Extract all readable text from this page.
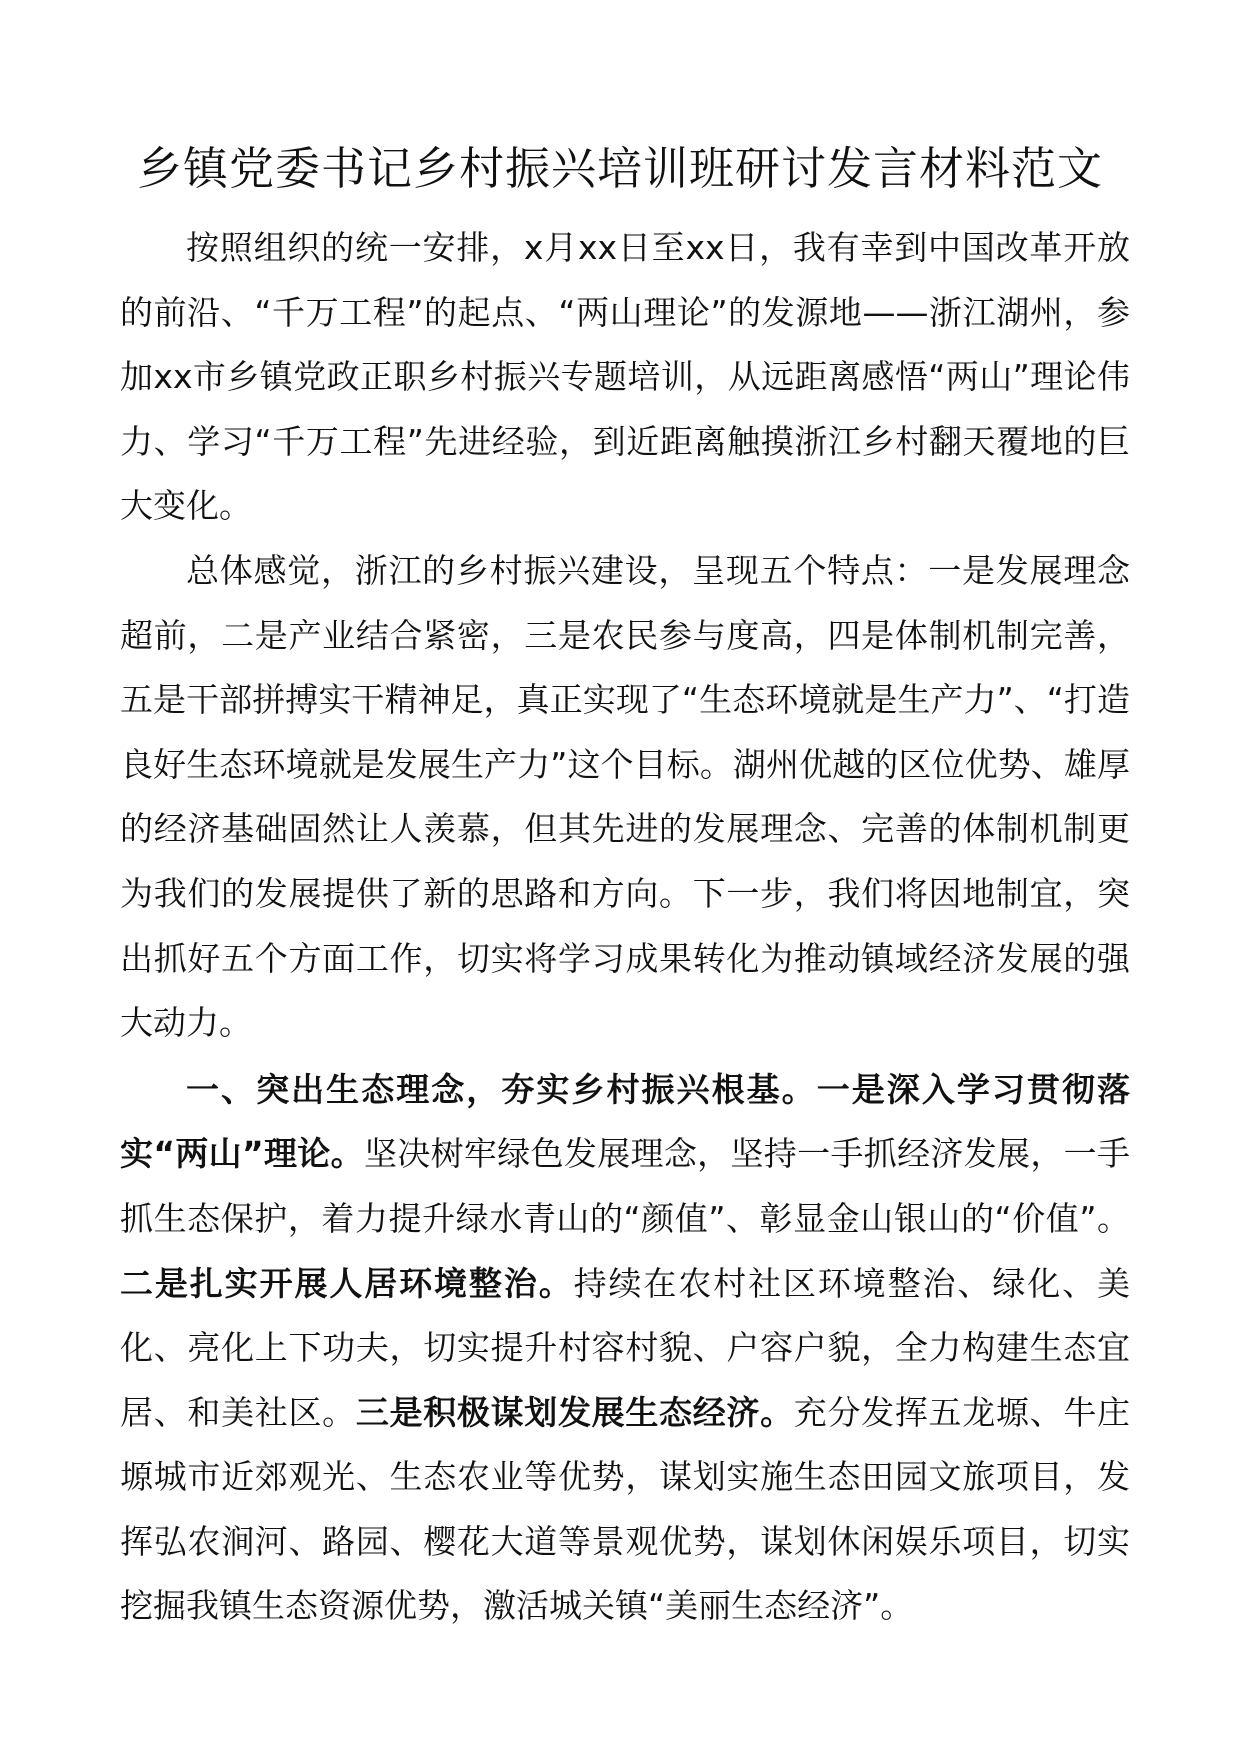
乡镇党委书记乡村振兴培训班研讨发言材料范文

按照组织的统一安排，x月xx日至xx日，我有幸到中国改革开放的前沿、“千万工程”的起点、“两山理论”的发源地——浙江湖州，参加xx市乡镇党政正职乡村振兴专题培训，从远距离感悟“两山”理论伟力、学习“千万工程”先进经验，到近距离触摸浙江乡村翻天覆地的巨大变化。

总体感觉，浙江的乡村振兴建设，呈现五个特点：一是发展理念超前，二是产业结合紧密，三是农民参与度高，四是体制机制完善，五是干部拼搏实干精神足，真正实现了“生态环境就是生产力”、“打造良好生态环境就是发展生产力”这个目标。湖州优越的区位优势、雄厚的经济基础固然让人羡慕，但其先进的发展理念、完善的体制机制更为我们的发展提供了新的思路和方向。下一步，我们将因地制宜，突出抓好五个方面工作，切实将学习成果转化为推动镇域经济发展的强大动力。

一、突出生态理念，夯实乡村振兴根基。一是深入学习贯彻落实“两山”理论。坚决树牢绿色发展理念，坚持一手抓经济发展，一手抓生态保护，着力提升绿水青山的“颜值”、彰显金山银山的“价值”。二是扎实开展人居环境整治。持续在农村社区环境整治、绿化、美化、亮化上下功夫，切实提升村容村貌、户容户貌，全力构建生态宜居、和美社区。三是积极谋划发展生态经济。充分发挥五龙塬、牛庄塬城市近郊观光、生态农业等优势，谋划实施生态田园文旅项目，发挥弘农涧河、路园、樱花大道等景观优势，谋划休闲娱乐项目，切实挖掘我镇生态资源优势，激活城关镇“美丽生态经济”。
